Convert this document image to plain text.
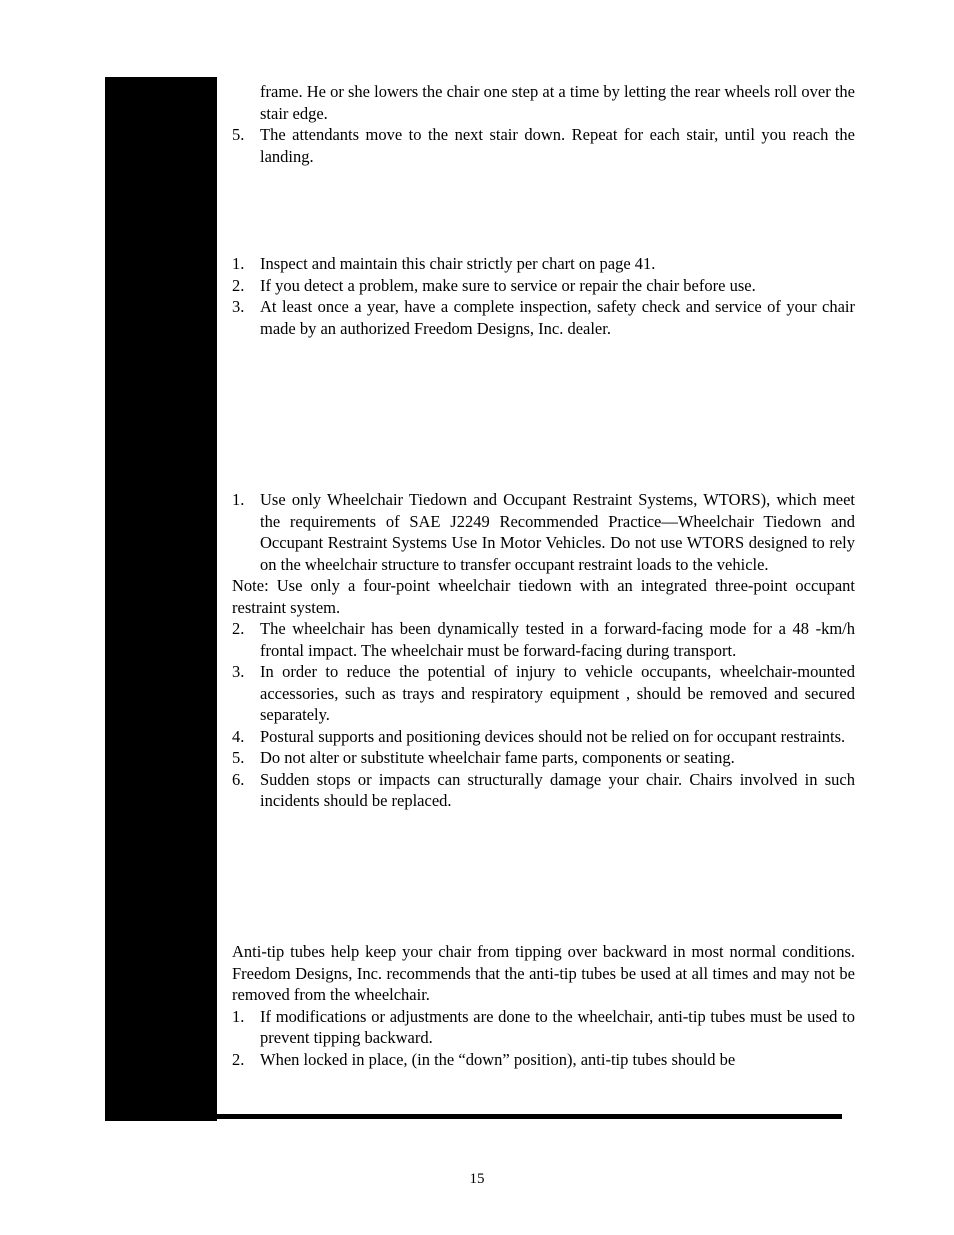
frame. He or she lowers the chair one step at a time by letting the rear wheels roll over the stair edge.
5. The attendants move to the next stair down. Repeat for each stair, until you reach the landing.
1. Inspect and maintain this chair strictly per chart on page 41.
2. If you detect a problem, make sure to service or repair the chair before use.
3. At least once a year, have a complete inspection, safety check and service of your chair made by an authorized Freedom Designs, Inc. dealer.
1. Use only Wheelchair Tiedown and Occupant Restraint Systems, WTORS), which meet the requirements of SAE J2249 Recommended Practice—Wheelchair Tiedown and Occupant Restraint Systems Use In Motor Vehicles. Do not use WTORS designed to rely on the wheelchair structure to transfer occupant restraint loads to the vehicle.
Note: Use only a four-point wheelchair tiedown with an integrated three-point occupant restraint system.
2. The wheelchair has been dynamically tested in a forward-facing mode for a 48 -km/h frontal impact. The wheelchair must be forward-facing during transport.
3. In order to reduce the potential of injury to vehicle occupants, wheelchair-mounted accessories, such as trays and respiratory equipment , should be removed and secured separately.
4. Postural supports and positioning devices should not be relied on for occupant restraints.
5. Do not alter or substitute wheelchair fame parts, components or seating.
6. Sudden stops or impacts can structurally damage your chair. Chairs involved in such incidents should be replaced.
Anti-tip tubes help keep your chair from tipping over backward in most normal conditions. Freedom Designs, Inc. recommends that the anti-tip tubes be used at all times and may not be removed from the wheelchair.
1. If modifications or adjustments are done to the wheelchair, anti-tip tubes must be used to prevent tipping backward.
2. When locked in place, (in the “down” position), anti-tip tubes should be
15
